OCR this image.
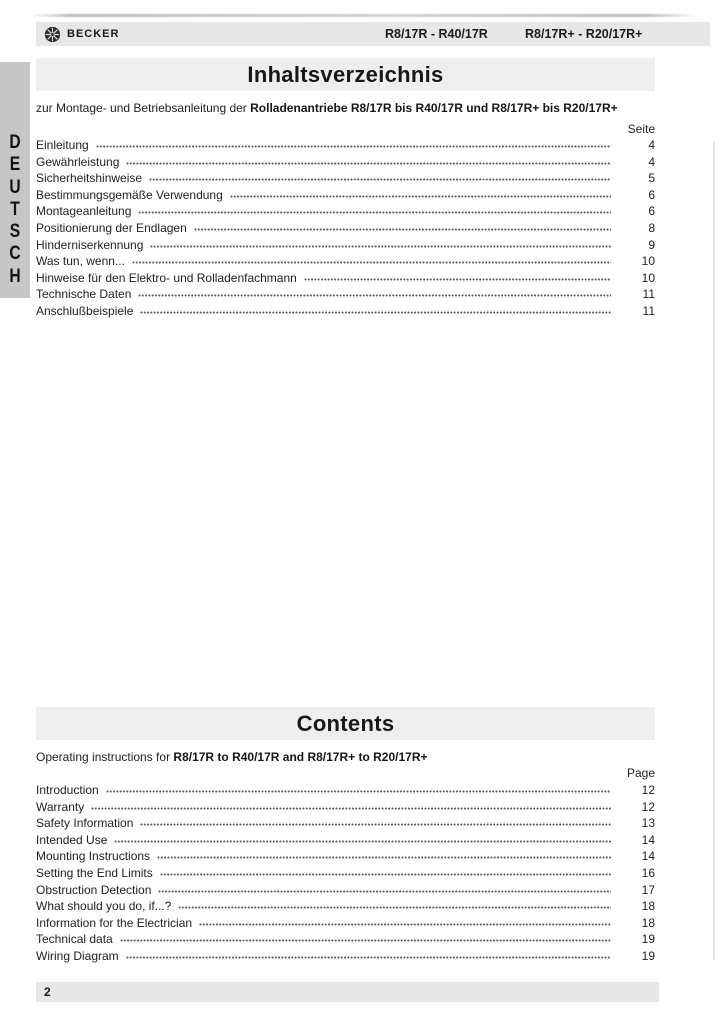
BECKER	R8/17R - R40/17R	R8/17R+ - R20/17R+
D
E
U
T
S
C
H
Inhaltsverzeichnis
zur Montage- und Betriebsanleitung der Rolladenantriebe R8/17R bis R40/17R und R8/17R+ bis R20/17R+
Seite
Einleitung	4
Gewährleistung	4
Sicherheitshinweise	5
Bestimmungsgemäße Verwendung	6
Montageanleitung	6
Positionierung der Endlagen	8
Hinderniserkennung	9
Was tun, wenn...	10
Hinweise für den Elektro- und Rolladenfachmann	10
Technische Daten	11
Anschlußbeispiele	11
Contents
Operating instructions for R8/17R to R40/17R and R8/17R+ to R20/17R+
Page
Introduction	12
Warranty	12
Safety Information	13
Intended Use	14
Mounting Instructions	14
Setting the End Limits	16
Obstruction Detection	17
What should you do, if...?	18
Information for the Electrician	18
Technical data	19
Wiring Diagram	19
2
